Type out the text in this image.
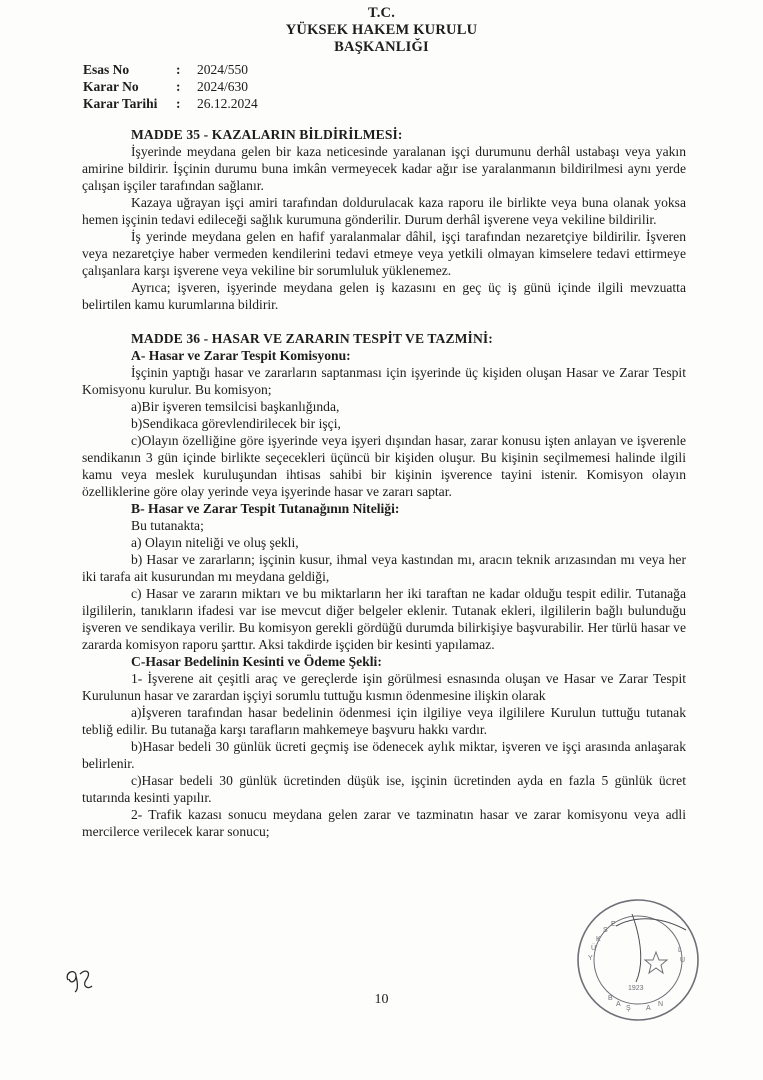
T.C.
YÜKSEK HAKEM KURULU
BAŞKANLIĞI
Esas No	:	2024/550
Karar No	:	2024/630
Karar Tarihi	:	26.12.2024
MADDE 35 - KAZALARIN BİLDİRİLMESİ:

İşyerinde meydana gelen bir kaza neticesinde yaralanan işçi durumunu derhâl ustabaşı veya yakın amirine bildirir. İşçinin durumu buna imkân vermeyecek kadar ağır ise yaralanmanın bildirilmesi aynı yerde çalışan işçiler tarafından sağlanır.

Kazaya uğrayan işçi amiri tarafından doldurulacak kaza raporu ile birlikte veya buna olanak yoksa hemen işçinin tedavi edileceği sağlık kurumuna gönderilir. Durum derhâl işverene veya vekiline bildirilir.

İş yerinde meydana gelen en hafif yaralanmalar dâhil, işçi tarafından nezaretçiye bildirilir. İşveren veya nezaretçiye haber vermeden kendilerini tedavi etmeye veya yetkili olmayan kimselere tedavi ettirmeye çalışanlara karşı işverene veya vekiline bir sorumluluk yüklenemez.

Ayrıca; işveren, işyerinde meydana gelen iş kazasını en geç üç iş günü içinde ilgili mevzuatta belirtilen kamu kurumlarına bildirir.

MADDE 36 - HASAR VE ZARARIN TESPİT VE TAZMİNİ:
A- Hasar ve Zarar Tespit Komisyonu:

İşçinin yaptığı hasar ve zararların saptanması için işyerinde üç kişiden oluşan Hasar ve Zarar Tespit Komisyonu kurulur. Bu komisyon;

a)Bir işveren temsilcisi başkanlığında,

b)Sendikaca görevlendirilecek bir işçi,

c)Olayın özelliğine göre işyerinde veya işyeri dışından hasar, zarar konusu işten anlayan ve işverenle sendikanın 3 gün içinde birlikte seçecekleri üçüncü bir kişiden oluşur. Bu kişinin seçilmemesi halinde ilgili kamu veya meslek kuruluşundan ihtisas sahibi bir kişinin işverence tayini istenir. Komisyon olayın özelliklerine göre olay yerinde veya işyerinde hasar ve zararı saptar.

B- Hasar ve Zarar Tespit Tutanağının Niteliği:

Bu tutanakta;

a) Olayın niteliği ve oluş şekli,

b) Hasar ve zararların; işçinin kusur, ihmal veya kastından mı, aracın teknik arızasından mı veya her iki tarafa ait kusurundan mı meydana geldiği,

c) Hasar ve zararın miktarı ve bu miktarların her iki taraftan ne kadar olduğu tespit edilir. Tutanağa ilgililerin, tanıkların ifadesi var ise mevcut diğer belgeler eklenir. Tutanak ekleri, ilgililerin bağlı bulunduğu işveren ve sendikaya verilir. Bu komisyon gerekli gördüğü durumda bilirkişiye başvurabilir. Her türlü hasar ve zararda komisyon raporu şarttır. Aksi takdirde işçiden bir kesinti yapılamaz.

C-Hasar Bedelinin Kesinti ve Ödeme Şekli:

1- İşverene ait çeşitli araç ve gereçlerde işin görülmesi esnasında oluşan ve Hasar ve Zarar Tespit Kurulunun hasar ve zarardan işçiyi sorumlu tuttuğu kısmın ödenmesine ilişkin olarak

a)İşveren tarafından hasar bedelinin ödenmesi için ilgiliye veya ilgililere Kurulun tuttuğu tutanak tebliğ edilir. Bu tutanağa karşı tarafların mahkemeye başvuru hakkı vardır.

b)Hasar bedeli 30 günlük ücreti geçmiş ise ödenecek aylık miktar, işveren ve işçi arasında anlaşarak belirlenir.

c)Hasar bedeli 30 günlük ücretinden düşük ise, işçinin ücretinden ayda en fazla 5 günlük ücret tutarında kesinti yapılır.

2- Trafik kazası sonucu meydana gelen zarar ve tazminatın hasar ve zarar komisyonu veya adli mercilerce verilecek karar sonucu;

Y
Ü
K
S
E
L
U
B
A
Ş A
N
1923
10
